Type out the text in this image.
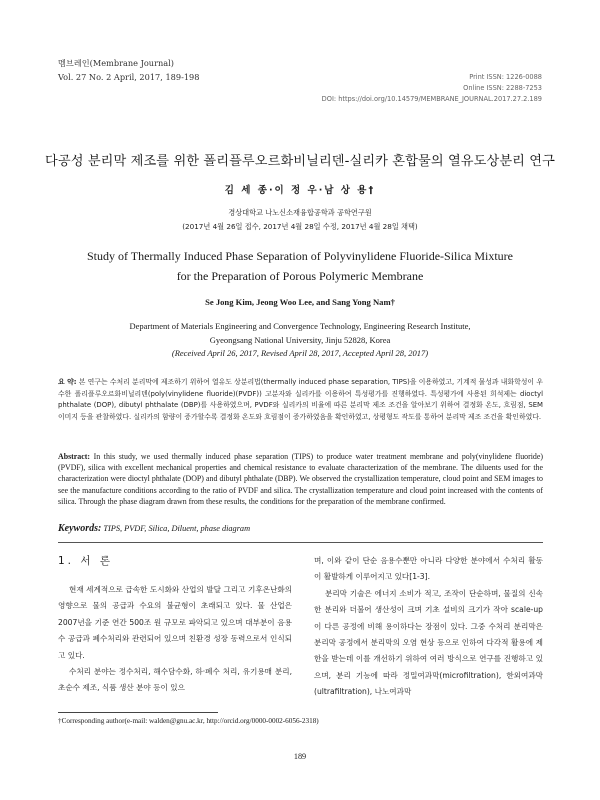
멤브레인(Membrane Journal)
Vol. 27 No. 2 April, 2017, 189-198	Print ISSN: 1226-0088
Online ISSN: 2288-7253
DOI: https://doi.org/10.14579/MEMBRANE_JOURNAL.2017.27.2.189
다공성 분리막 제조를 위한 폴리플루오르화비닐리덴-실리카 혼합물의 열유도상분리 연구
김 세 종·이 정 우·남 상 용†
경상대학교 나노신소재융합공학과 공학연구원
(2017년 4월 26일 접수, 2017년 4월 28일 수정, 2017년 4월 28일 채택)
Study of Thermally Induced Phase Separation of Polyvinylidene Fluoride-Silica Mixture
for the Preparation of Porous Polymeric Membrane
Se Jong Kim, Jeong Woo Lee, and Sang Yong Nam†
Department of Materials Engineering and Convergence Technology, Engineering Research Institute,
Gyeongsang National University, Jinju 52828, Korea
(Received April 26, 2017, Revised April 28, 2017, Accepted April 28, 2017)
요 약: 본 연구는 수처리 분리막에 제조하기 위하여 열유도 상분리법(thermally induced phase separation, TIPS)을 이용하였고, 기계적 물성과 내화학성이 우수한 폴리플루오르화비닐리덴(poly(vinylidene fluoride)(PVDF)) 고분자와 실리카를 이용하여 특성평가를 진행하였다. 특성평가에 사용된 희석제는 dioctyl phthalate (DOP), dibutyl phthalate (DBP)를 사용하였으며, PVDF와 실리카의 비율에 따른 분리막 제조 조건을 알아보기 위하여 결정화 온도, 흐림점, SEM 이미지 등을 관찰하였다. 실리카의 함량이 증가할수록 결정화 온도와 흐림점이 증가하였음을 확인하였고, 상평형도 작도를 통하여 분리막 제조 조건을 확인하였다.
Abstract: In this study, we used thermally induced phase separation (TIPS) to produce water treatment membrane and poly(vinylidene fluoride) (PVDF), silica with excellent mechanical properties and chemical resistance to evaluate characterization of the membrane. The diluents used for the characterization were dioctyl phthalate (DOP) and dibutyl phthalate (DBP). We observed the crystallization temperature, cloud point and SEM images to see the manufacture conditions according to the ratio of PVDF and silica. The crystallization temperature and cloud point increased with the contents of silica. Through the phase diagram drawn from these results, the conditions for the preparation of the membrane confirmed.
Keywords: TIPS, PVDF, Silica, Diluent, phase diagram
1. 서 론

현재 세계적으로 급속한 도시화와 산업의 발달 그리고 기후온난화의 영향으로 물의 공급과 수요의 불균형이 초래되고 있다. 물 산업은 2007년을 기준 연간 500조 원 규모로 파악되고 있으며 대부분이 음용수 공급과 폐수처리와 관련되어 있으며 친환경 성장 동력으로서 인식되고 있다.

수처리 분야는 정수처리, 해수담수화, 하·폐수 처리, 유기용매 분리, 초순수 제조, 식품 생산 분야 등이 있으

며, 이와 같이 단순 음용수뿐만 아니라 다양한 분야에서 수처리 활동이 활발하게 이루어지고 있다[1-3].

분리막 기술은 에너지 소비가 적고, 조작이 단순하며, 물질의 신속한 분리와 더불어 생산성이 크며 기초 설비의 크기가 작아 scale-up이 다른 공정에 비해 용이하다는 장점이 있다. 그중 수처리 분리막은 분리막 공정에서 분리막의 오염 현상 등으로 인하여 다각적 활용에 제한을 받는데 이를 개선하기 위하여 여러 방식으로 연구를 진행하고 있으며, 분리 기능에 따라 정밀여과막(microfiltration), 한외여과막(ultrafiltration), 나노여과막

†Corresponding author(e-mail: walden@gnu.ac.kr, http://orcid.org/0000-0002-6056-2318)
189
